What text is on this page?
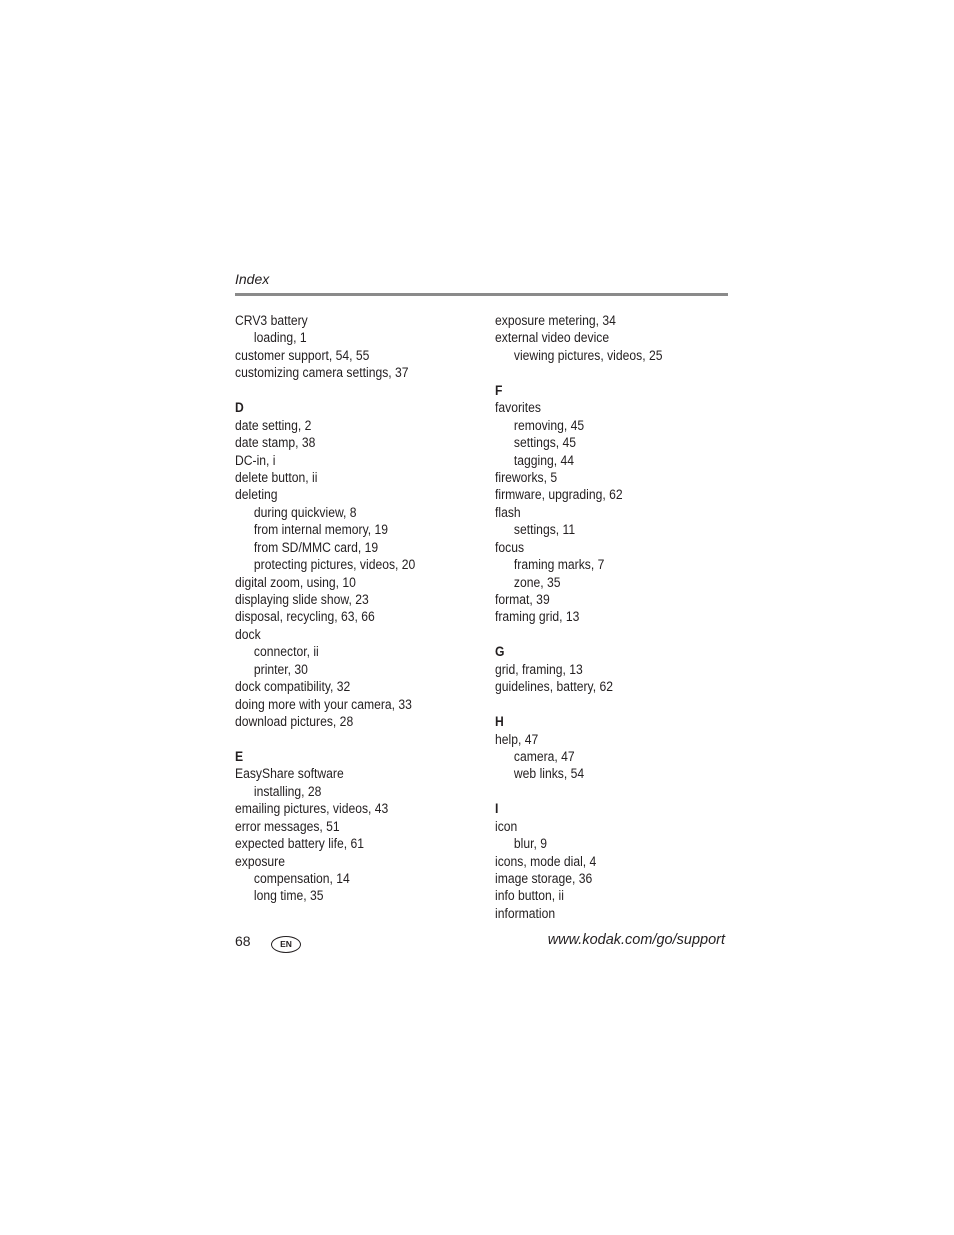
Index
CRV3 battery
loading, 1
customer support, 54, 55
customizing camera settings, 37
D
date setting, 2
date stamp, 38
DC-in, i
delete button, ii
deleting
during quickview, 8
from internal memory, 19
from SD/MMC card, 19
protecting pictures, videos, 20
digital zoom, using, 10
displaying slide show, 23
disposal, recycling, 63, 66
dock
connector, ii
printer, 30
dock compatibility, 32
doing more with your camera, 33
download pictures, 28
E
EasyShare software
installing, 28
emailing pictures, videos, 43
error messages, 51
expected battery life, 61
exposure
compensation, 14
long time, 35
exposure metering, 34
external video device
viewing pictures, videos, 25
F
favorites
removing, 45
settings, 45
tagging, 44
fireworks, 5
firmware, upgrading, 62
flash
settings, 11
focus
framing marks, 7
zone, 35
format, 39
framing grid, 13
G
grid, framing, 13
guidelines, battery, 62
H
help, 47
camera, 47
web links, 54
I
icon
blur, 9
icons, mode dial, 4
image storage, 36
info button, ii
information
68	EN	www.kodak.com/go/support
